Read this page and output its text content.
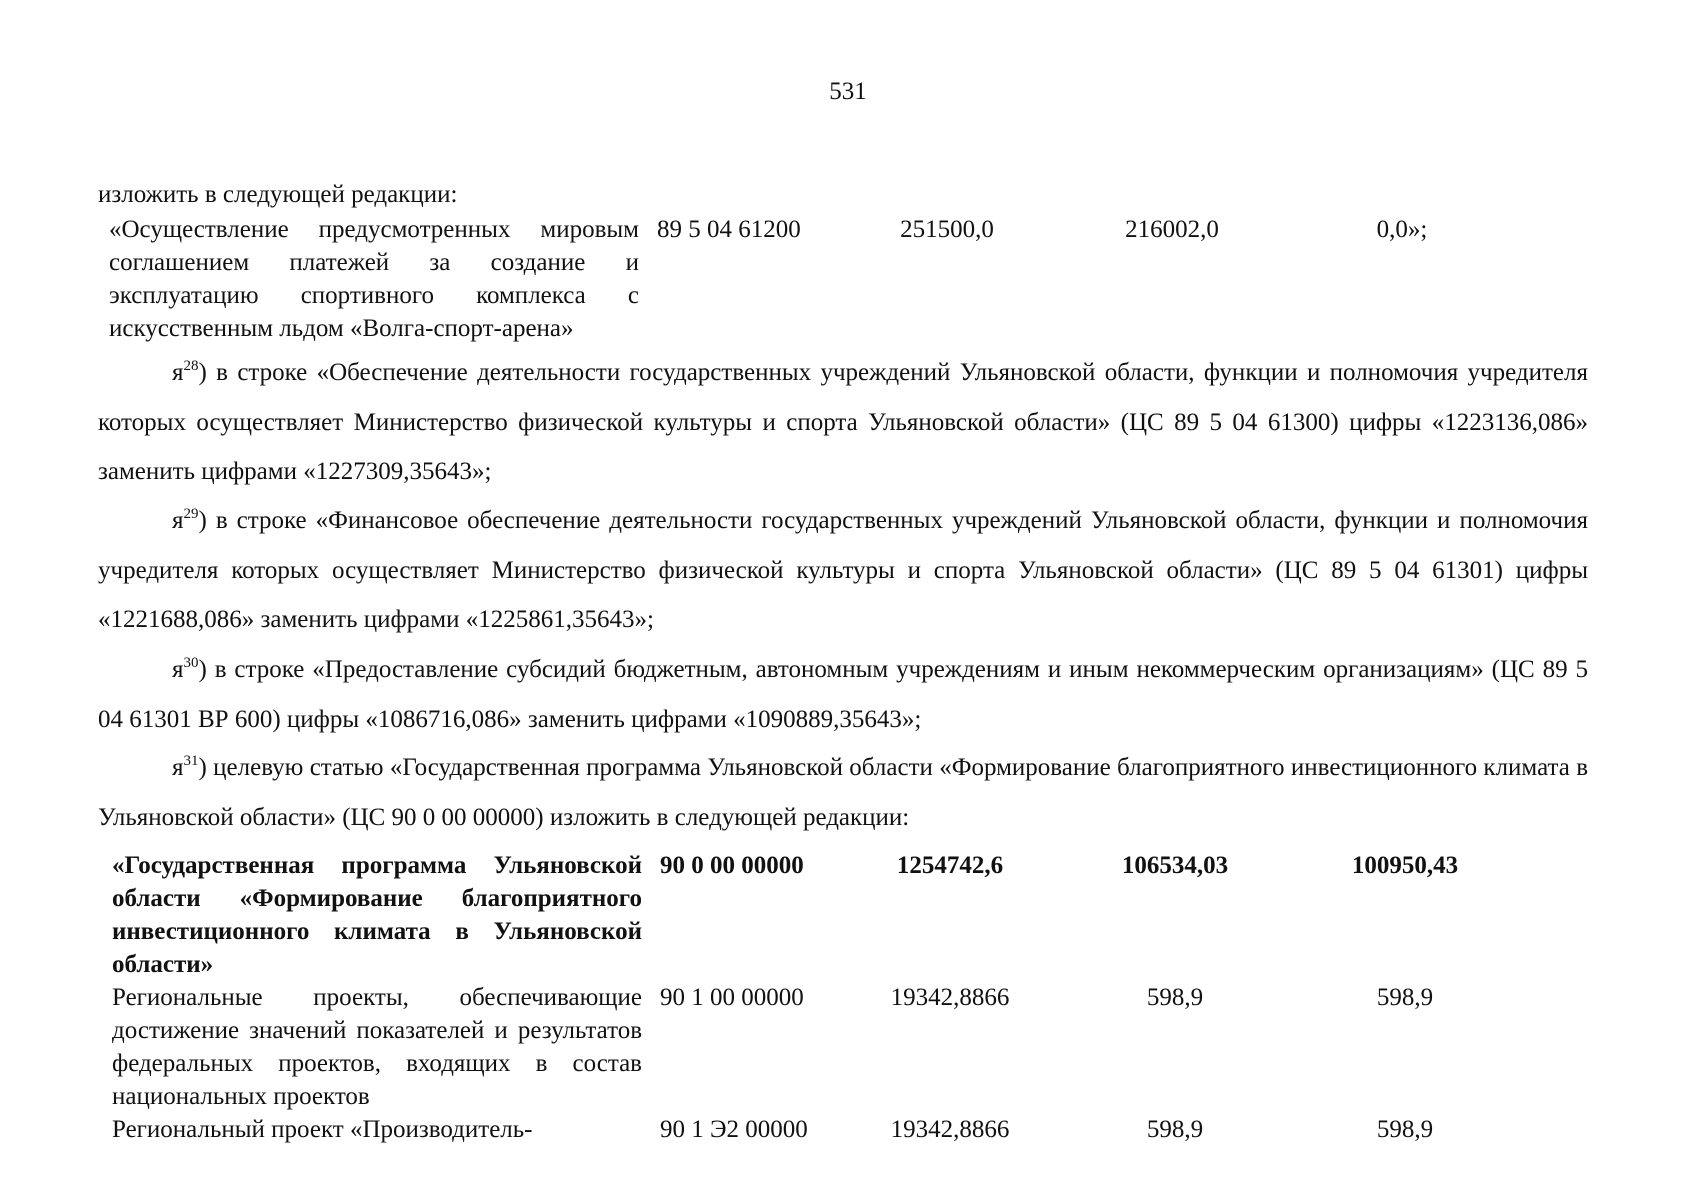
531
изложить в следующей редакции:
«Осуществление предусмотренных мировым соглашением платежей за создание и эксплуатацию спортивного комплекса с искусственным льдом «Волга-спорт-арена»	89 5 04 61200	251500,0	216002,0	0,0»;
$я^{28}$) в строке «Обеспечение деятельности государственных учреждений Ульяновской области, функции и полномочия учредителя которых осуществляет Министерство физической культуры и спорта Ульяновской области» (ЦС 89 5 04 61300) цифры «1223136,086» заменить цифрами «1227309,35643»;
$я^{29}$) в строке «Финансовое обеспечение деятельности государственных учреждений Ульяновской области, функции и полномочия учредителя которых осуществляет Министерство физической культуры и спорта Ульяновской области» (ЦС 89 5 04 61301) цифры «1221688,086» заменить цифрами «1225861,35643»;
$я^{30}$) в строке «Предоставление субсидий бюджетным, автономным учреждениям и иным некоммерческим организациям» (ЦС 89 5 04 61301 ВР 600) цифры «1086716,086» заменить цифрами «1090889,35643»;
$я^{31}$) целевую статью «Государственная программа Ульяновской области «Формирование благоприятного инвестиционного климата в Ульяновской области» (ЦС 90 0 00 00000) изложить в следующей редакции:
«Государственная программа Ульяновской области «Формирование благоприятного инвестиционного климата в Ульяновской области»	90 0 00 00000	1254742,6	106534,03	100950,43
Региональные проекты, обеспечивающие достижение значений показателей и результатов федеральных проектов, входящих в состав национальных проектов	90 1 00 00000	19342,8866	598,9	598,9
Региональный проект «Производитель-	90 1 Э2 00000	19342,8866	598,9	598,9
